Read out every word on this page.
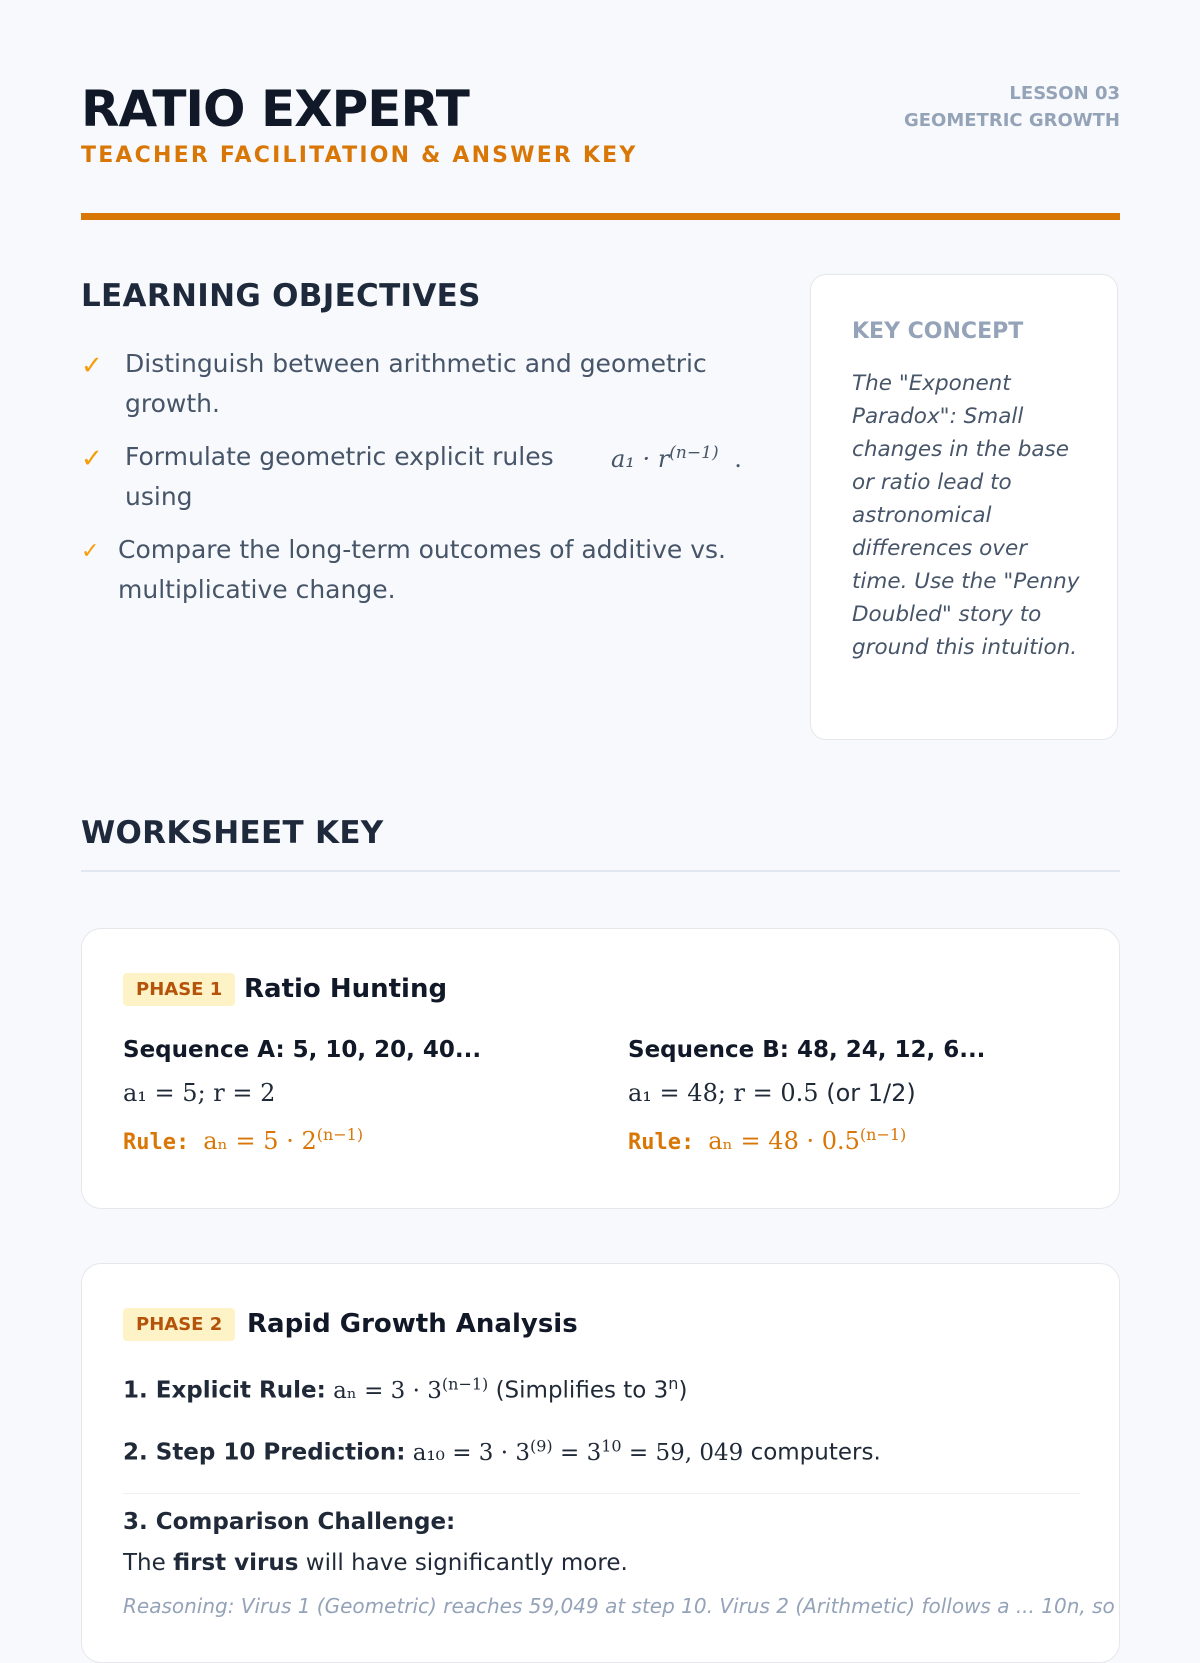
RATIO EXPERT
TEACHER FACILITATION & ANSWER KEY
LESSON 03
GEOMETRIC GROWTH
LEARNING OBJECTIVES
✓ Distinguish between arithmetic and geometric growth.
✓ Formulate geometric explicit rules using
$a_1 \cdot r^{(n-1)}$ .
✓ Compare the long-term outcomes of additive vs. multiplicative change.
KEY CONCEPT
The "Exponent Paradox": Small changes in the base or ratio lead to astronomical differences over time. Use the "Penny Doubled" story to ground this intuition.
WORKSHEET KEY
PHASE 1 Ratio Hunting
Sequence A: 5, 10, 20, 40...
a₁ = 5; r = 2
Rule: $a_n = 5 \cdot 2^{(n-1)}$
Sequence B: 48, 24, 12, 6...
a₁ = 48; r = 0.5 (or 1/2)
Rule: $a_n = 48 \cdot 0.5^{(n-1)}$
PHASE 2 Rapid Growth Analysis
1. Explicit Rule: $a_n = 3 \cdot 3^{(n-1)}$ (Simplifies to 3$^n$)
2. Step 10 Prediction: $a_{10} = 3 \cdot 3^{(9)} = 3^{10} = 59$, 049 computers.
3. Comparison Challenge:
The first virus will have significantly more.
Reasoning: Virus 1 (Geometric) reaches 59,049 at step 10. Virus 2 (Arithmetic) follows a ... 10n, so
